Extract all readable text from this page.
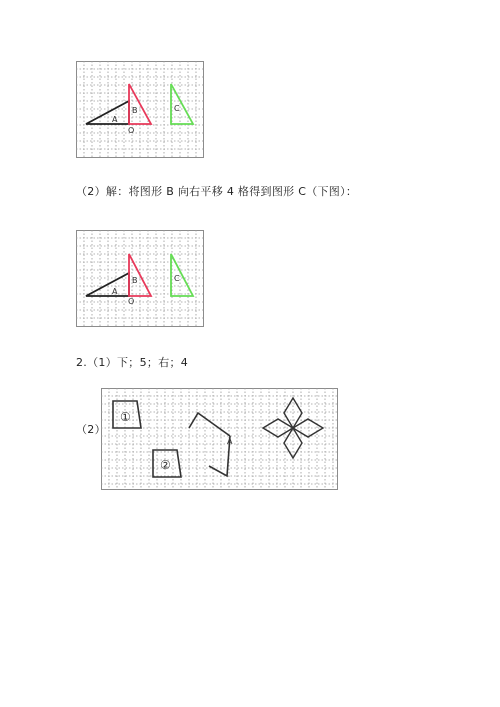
A
B	C
O
（2）解：将图形 B 向右平移 4 格得到图形 C（下图）：
A
B	C
O
2.（1）下；5；右；4
（2）
①
②
A
